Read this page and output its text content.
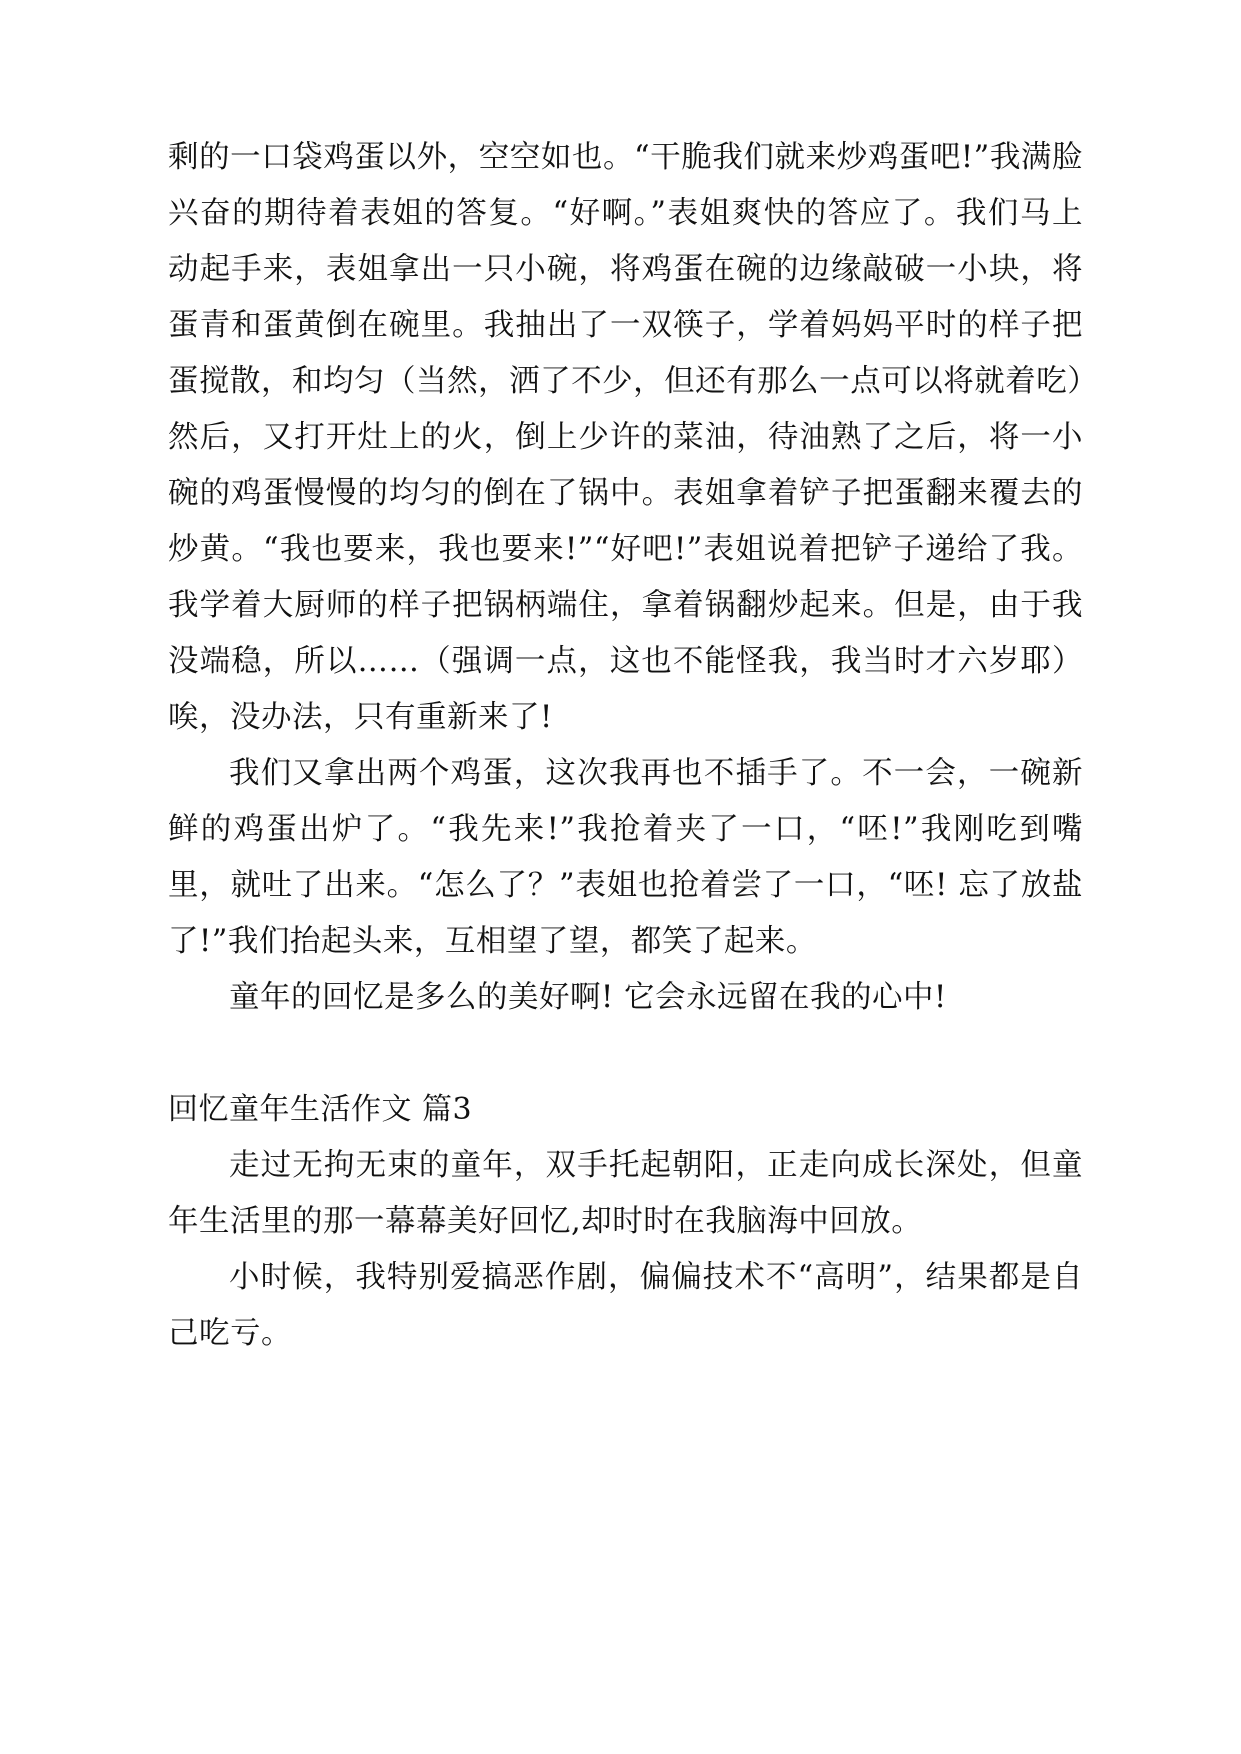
剩的一口袋鸡蛋以外，空空如也。“干脆我们就来炒鸡蛋吧!”我满脸兴奋的期待着表姐的答复。“好啊。”表姐爽快的答应了。我们马上动起手来，表姐拿出一只小碗，将鸡蛋在碗的边缘敲破一小块，将蛋青和蛋黄倒在碗里。我抽出了一双筷子，学着妈妈平时的样子把蛋搅散，和均匀（当然，洒了不少，但还有那么一点可以将就着吃）然后，又打开灶上的火，倒上少许的菜油，待油熟了之后，将一小碗的鸡蛋慢慢的均匀的倒在了锅中。表姐拿着铲子把蛋翻来覆去的炒黄。“我也要来，我也要来!”“好吧!”表姐说着把铲子递给了我。我学着大厨师的样子把锅柄端住，拿着锅翻炒起来。但是，由于我没端稳，所以……（强调一点，这也不能怪我，我当时才六岁耶）唉，没办法，只有重新来了!

我们又拿出两个鸡蛋，这次我再也不插手了。不一会，一碗新鲜的鸡蛋出炉了。“我先来!”我抢着夹了一口，“呸!”我刚吃到嘴里，就吐了出来。“怎么了？”表姐也抢着尝了一口，“呸! 忘了放盐了!”我们抬起头来，互相望了望，都笑了起来。

童年的回忆是多么的美好啊! 它会永远留在我的心中!

回忆童年生活作文 篇3

走过无拘无束的童年，双手托起朝阳，正走向成长深处，但童年生活里的那一幕幕美好回忆,却时时在我脑海中回放。

小时候，我特别爱搞恶作剧，偏偏技术不“高明”，结果都是自己吃亏。
